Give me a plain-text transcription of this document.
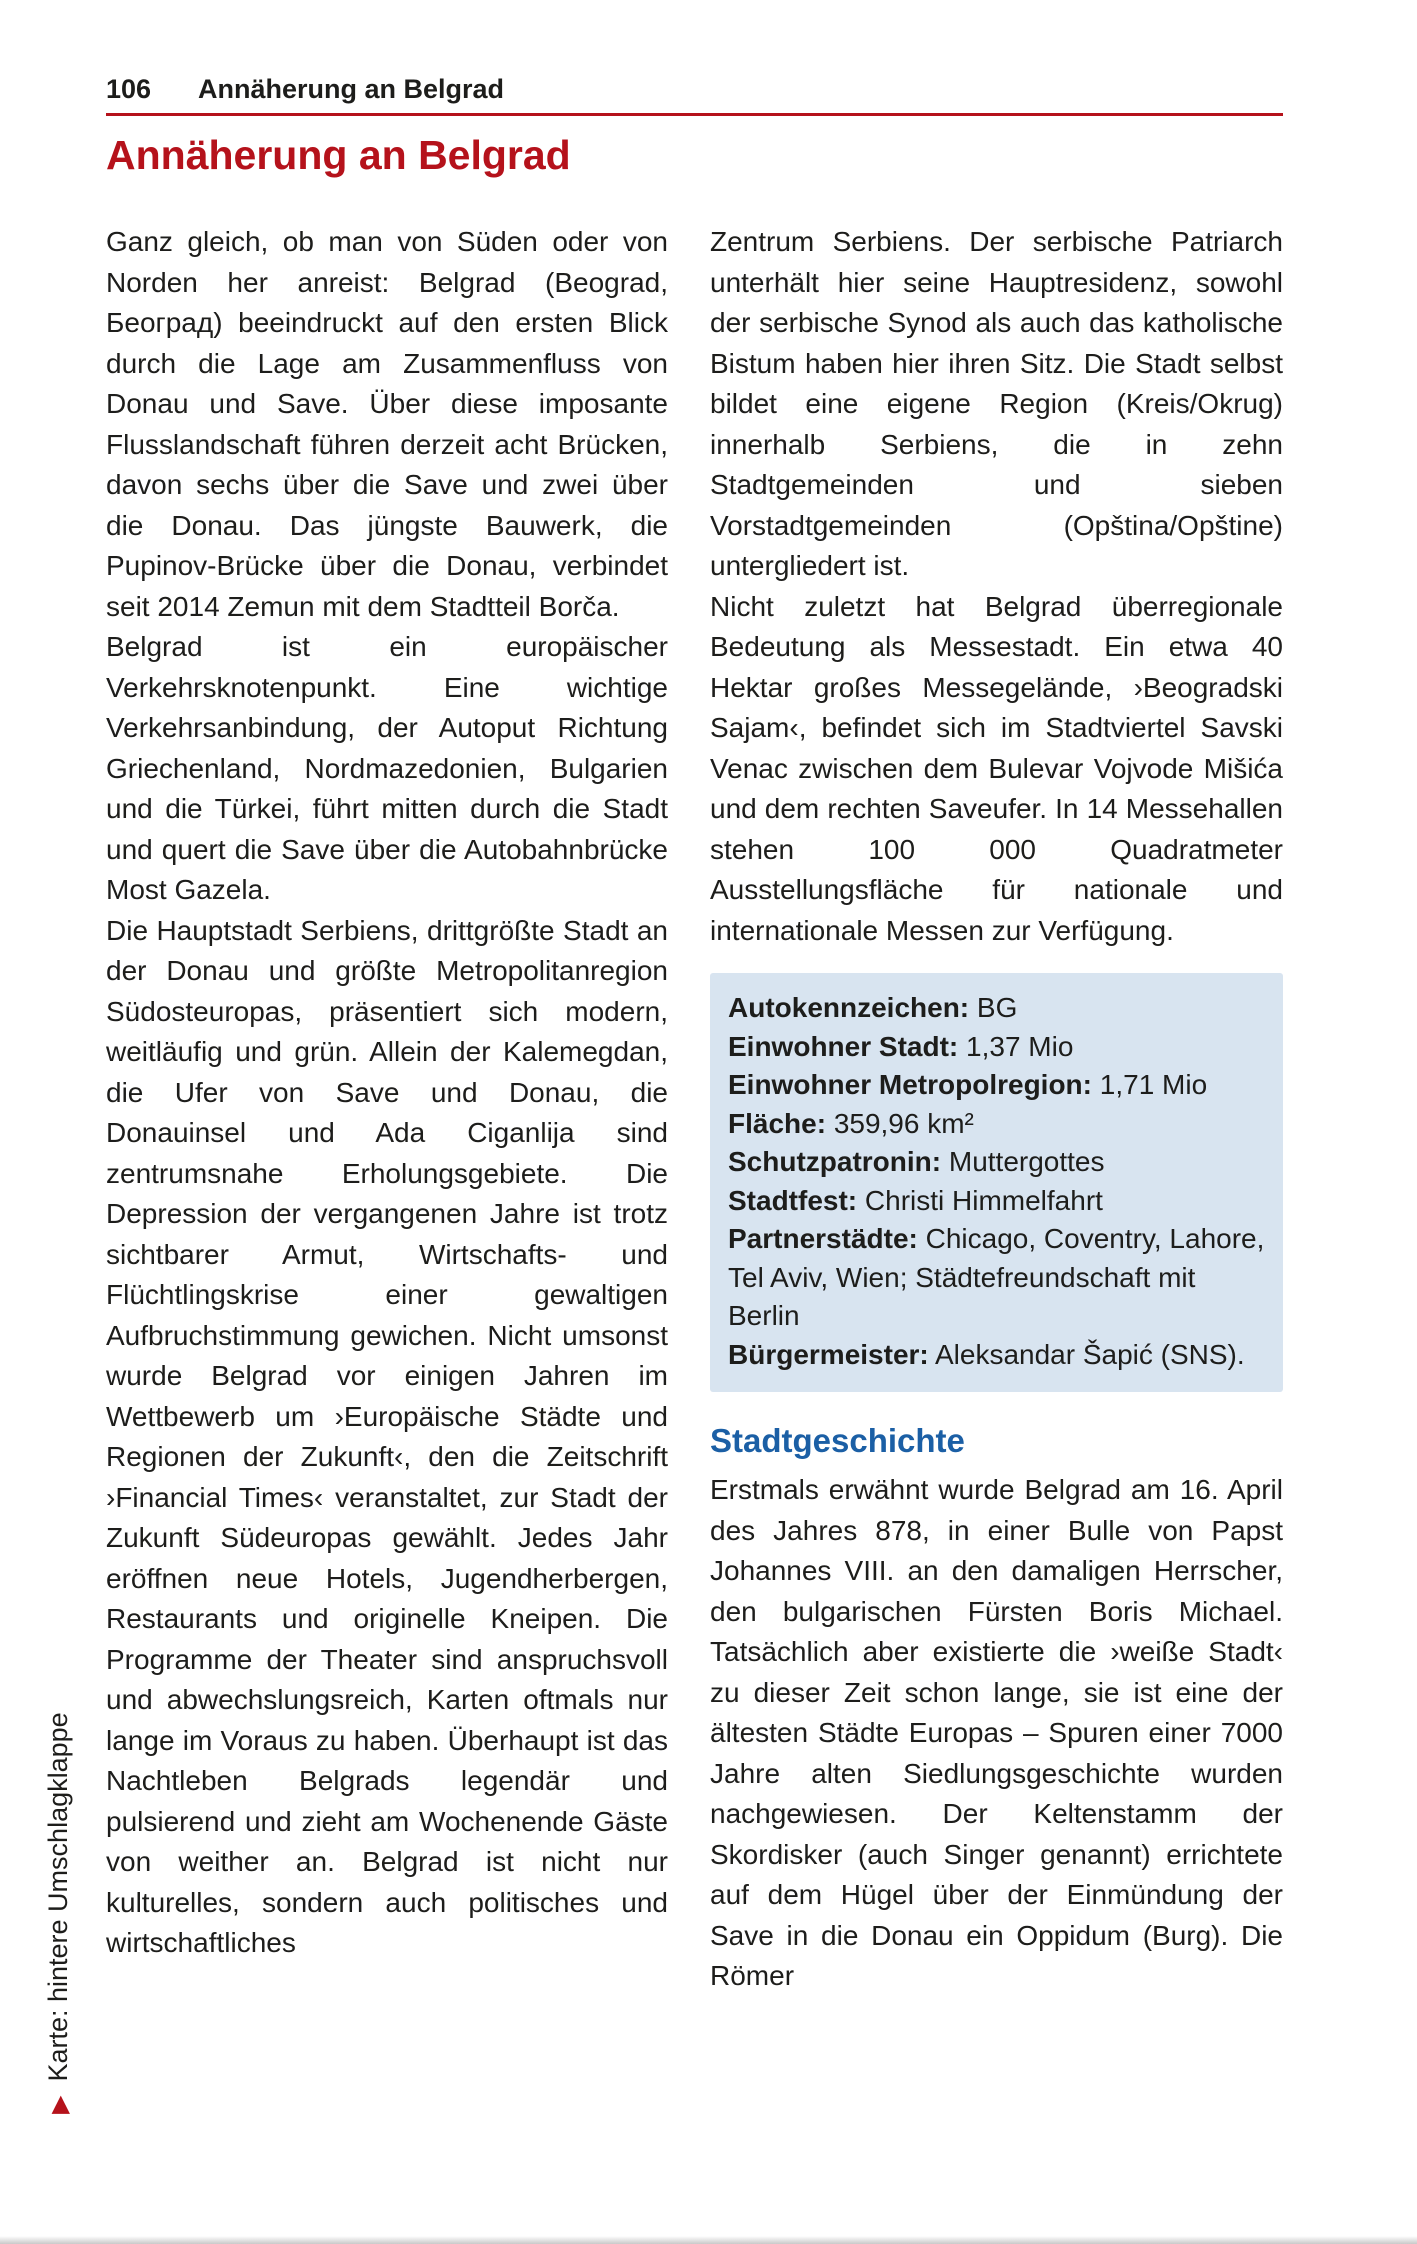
106	Annäherung an Belgrad
Annäherung an Belgrad

Ganz gleich, ob man von Süden oder von Norden her anreist: Belgrad (Beograd, Београд) beeindruckt auf den ersten Blick durch die Lage am Zusammenfluss von Donau und Save. Über diese imposante Flusslandschaft führen derzeit acht Brücken, davon sechs über die Save und zwei über die Donau. Das jüngste Bauwerk, die Pupinov-Brücke über die Donau, verbindet seit 2014 Zemun mit dem Stadtteil Borča.

Belgrad ist ein europäischer Verkehrsknotenpunkt. Eine wichtige Verkehrsanbindung, der Autoput Richtung Griechenland, Nordmazedonien, Bulgarien und die Türkei, führt mitten durch die Stadt und quert die Save über die Autobahnbrücke Most Gazela.

Die Hauptstadt Serbiens, drittgrößte Stadt an der Donau und größte Metropolitanregion Südosteuropas, präsentiert sich modern, weitläufig und grün. Allein der Kalemegdan, die Ufer von Save und Donau, die Donauinsel und Ada Ciganlija sind zentrumsnahe Erholungsgebiete. Die Depression der vergangenen Jahre ist trotz sichtbarer Armut, Wirtschafts- und Flüchtlingskrise einer gewaltigen Aufbruchstimmung gewichen. Nicht umsonst wurde Belgrad vor einigen Jahren im Wettbewerb um ›Europäische Städte und Regionen der Zukunft‹, den die Zeitschrift ›Financial Times‹ veranstaltet, zur Stadt der Zukunft Südeuropas gewählt. Jedes Jahr eröffnen neue Hotels, Jugendherbergen, Restaurants und originelle Kneipen. Die Programme der Theater sind anspruchsvoll und abwechslungsreich, Karten oftmals nur lange im Voraus zu haben. Überhaupt ist das Nachtleben Belgrads legendär und pulsierend und zieht am Wochenende Gäste von weither an. Belgrad ist nicht nur kulturelles, sondern auch politisches und wirtschaftliches

Zentrum Serbiens. Der serbische Patriarch unterhält hier seine Hauptresidenz, sowohl der serbische Synod als auch das katholische Bistum haben hier ihren Sitz. Die Stadt selbst bildet eine eigene Region (Kreis/Okrug) innerhalb Serbiens, die in zehn Stadtgemeinden und sieben Vorstadtgemeinden (Opština/Opštine) untergliedert ist.

Nicht zuletzt hat Belgrad überregionale Bedeutung als Messestadt. Ein etwa 40 Hektar großes Messegelände, ›Beogradski Sajam‹, befindet sich im Stadtviertel Savski Venac zwischen dem Bulevar Vojvode Mišića und dem rechten Saveufer. In 14 Messehallen stehen 100 000 Quadratmeter Ausstellungsfläche für nationale und internationale Messen zur Verfügung.

Autokennzeichen: BG
Einwohner Stadt: 1,37 Mio
Einwohner Metropolregion: 1,71 Mio
Fläche: 359,96 km²
Schutzpatronin: Muttergottes
Stadtfest: Christi Himmelfahrt
Partnerstädte: Chicago, Coventry, Lahore, Tel Aviv, Wien; Städtefreundschaft mit Berlin
Bürgermeister: Aleksandar Šapić (SNS).
Stadtgeschichte

Erstmals erwähnt wurde Belgrad am 16. April des Jahres 878, in einer Bulle von Papst Johannes VIII. an den damaligen Herrscher, den bulgarischen Fürsten Boris Michael. Tatsächlich aber existierte die ›weiße Stadt‹ zu dieser Zeit schon lange, sie ist eine der ältesten Städte Europas – Spuren einer 7000 Jahre alten Siedlungsgeschichte wurden nachgewiesen. Der Keltenstamm der Skordisker (auch Singer genannt) errichtete auf dem Hügel über der Einmündung der Save in die Donau ein Oppidum (Burg). Die Römer

▶Karte: hintere Umschlagklappe
